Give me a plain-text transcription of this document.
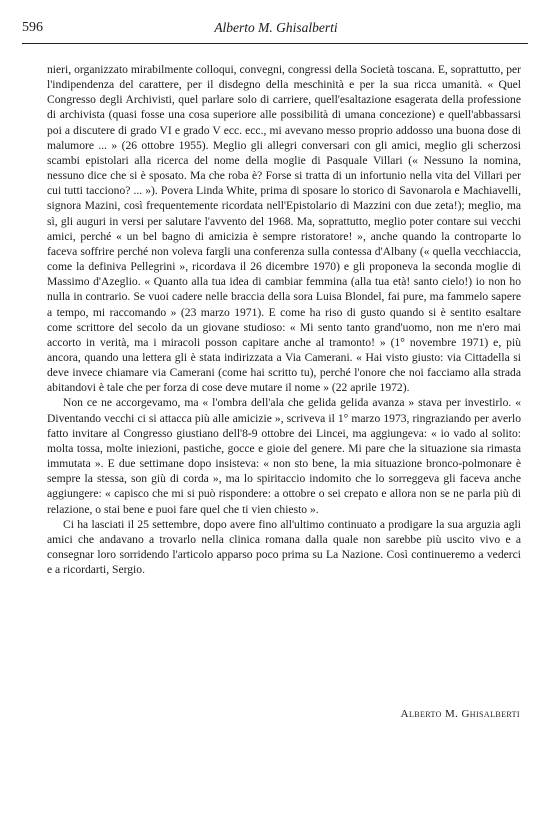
596	Alberto M. Ghisalberti

nieri, organizzato mirabilmente colloqui, convegni, congressi della Società toscana. E, soprattutto, per l'indipendenza del carattere, per il disdegno della meschinità e per la sua ricca umanità. « Quel Congresso degli Archivisti, quel parlare solo di carriere, quell'esaltazione esagerata della professione di archivista (quasi fosse una cosa superiore alle possibilità di umana concezione) e quell'abbassarsi poi a discutere di grado VI e grado V ecc. ecc., mi avevano messo proprio addosso una buona dose di malumore ... » (26 ottobre 1955). Meglio gli allegri conversari con gli amici, meglio gli scherzosi scambi epistolari alla ricerca del nome della moglie di Pasquale Villari (« Nessuno la nomina, nessuno dice che si è sposato. Ma che roba è? Forse si tratta di un infortunio nella vita del Villari per cui tutti tacciono? ... »). Povera Linda White, prima di sposare lo storico di Savonarola e Machiavelli, signora Mazini, così frequentemente ricordata nell'Epistolario di Mazzini con due zeta!); meglio, ma sì, gli auguri in versi per salutare l'avvento del 1968. Ma, soprattutto, meglio poter contare sui vecchi amici, perché « un bel bagno di amicizia è sempre ristoratore! », anche quando la controparte lo faceva soffrire perché non voleva fargli una conferenza sulla contessa d'Albany (« quella vecchiaccia, come la definiva Pellegrini », ricordava il 26 dicembre 1970) e gli proponeva la seconda moglie di Massimo d'Azeglio. « Quanto alla tua idea di cambiar femmina (alla tua età! santo cielo!) io non ho nulla in contrario. Se vuoi cadere nelle braccia della sora Luisa Blondel, fai pure, ma fammelo sapere a tempo, mi raccomando » (23 marzo 1971). E come ha riso di gusto quando si è sentito esaltare come scrittore del secolo da un giovane studioso: « Mi sento tanto grand'uomo, non me n'ero mai accorto in verità, ma i miracoli posson capitare anche al tramonto! » (1° novembre 1971) e, più ancora, quando una lettera gli è stata indirizzata a Via Camerani. « Hai visto giusto: via Cittadella si deve invece chiamare via Camerani (come hai scritto tu), perché l'onore che noi facciamo alla strada abitandovi è tale che per forza di cose deve mutare il nome » (22 aprile 1972).

Non ce ne accorgevamo, ma « l'ombra dell'ala che gelida gelida avanza » stava per investirlo. « Diventando vecchi ci si attacca più alle amicizie », scriveva il 1° marzo 1973, ringraziando per averlo fatto invitare al Congresso giustiano dell'8-9 ottobre dei Lincei, ma aggiungeva: « io vado al solito: molta tossa, molte iniezioni, pastiche, gocce e gioie del genere. Mi pare che la situazione sia rimasta immutata ». E due settimane dopo insisteva: « non sto bene, la mia situazione bronco-polmonare è sempre la stessa, son giù di corda », ma lo spiritaccio indomito che lo sorreggeva gli faceva anche aggiungere: « capisco che mi si può rispondere: a ottobre o sei crepato e allora non se ne parla più di relazione, o stai bene e puoi fare quel che ti vien chiesto ».

Ci ha lasciati il 25 settembre, dopo avere fino all'ultimo continuato a prodigare la sua arguzia agli amici che andavano a trovarlo nella clinica romana dalla quale non sarebbe più uscito vivo e a consegnar loro sorridendo l'articolo apparso poco prima su La Nazione. Così continueremo a vederci e a ricordarti, Sergio.

Alberto M. Ghisalberti
